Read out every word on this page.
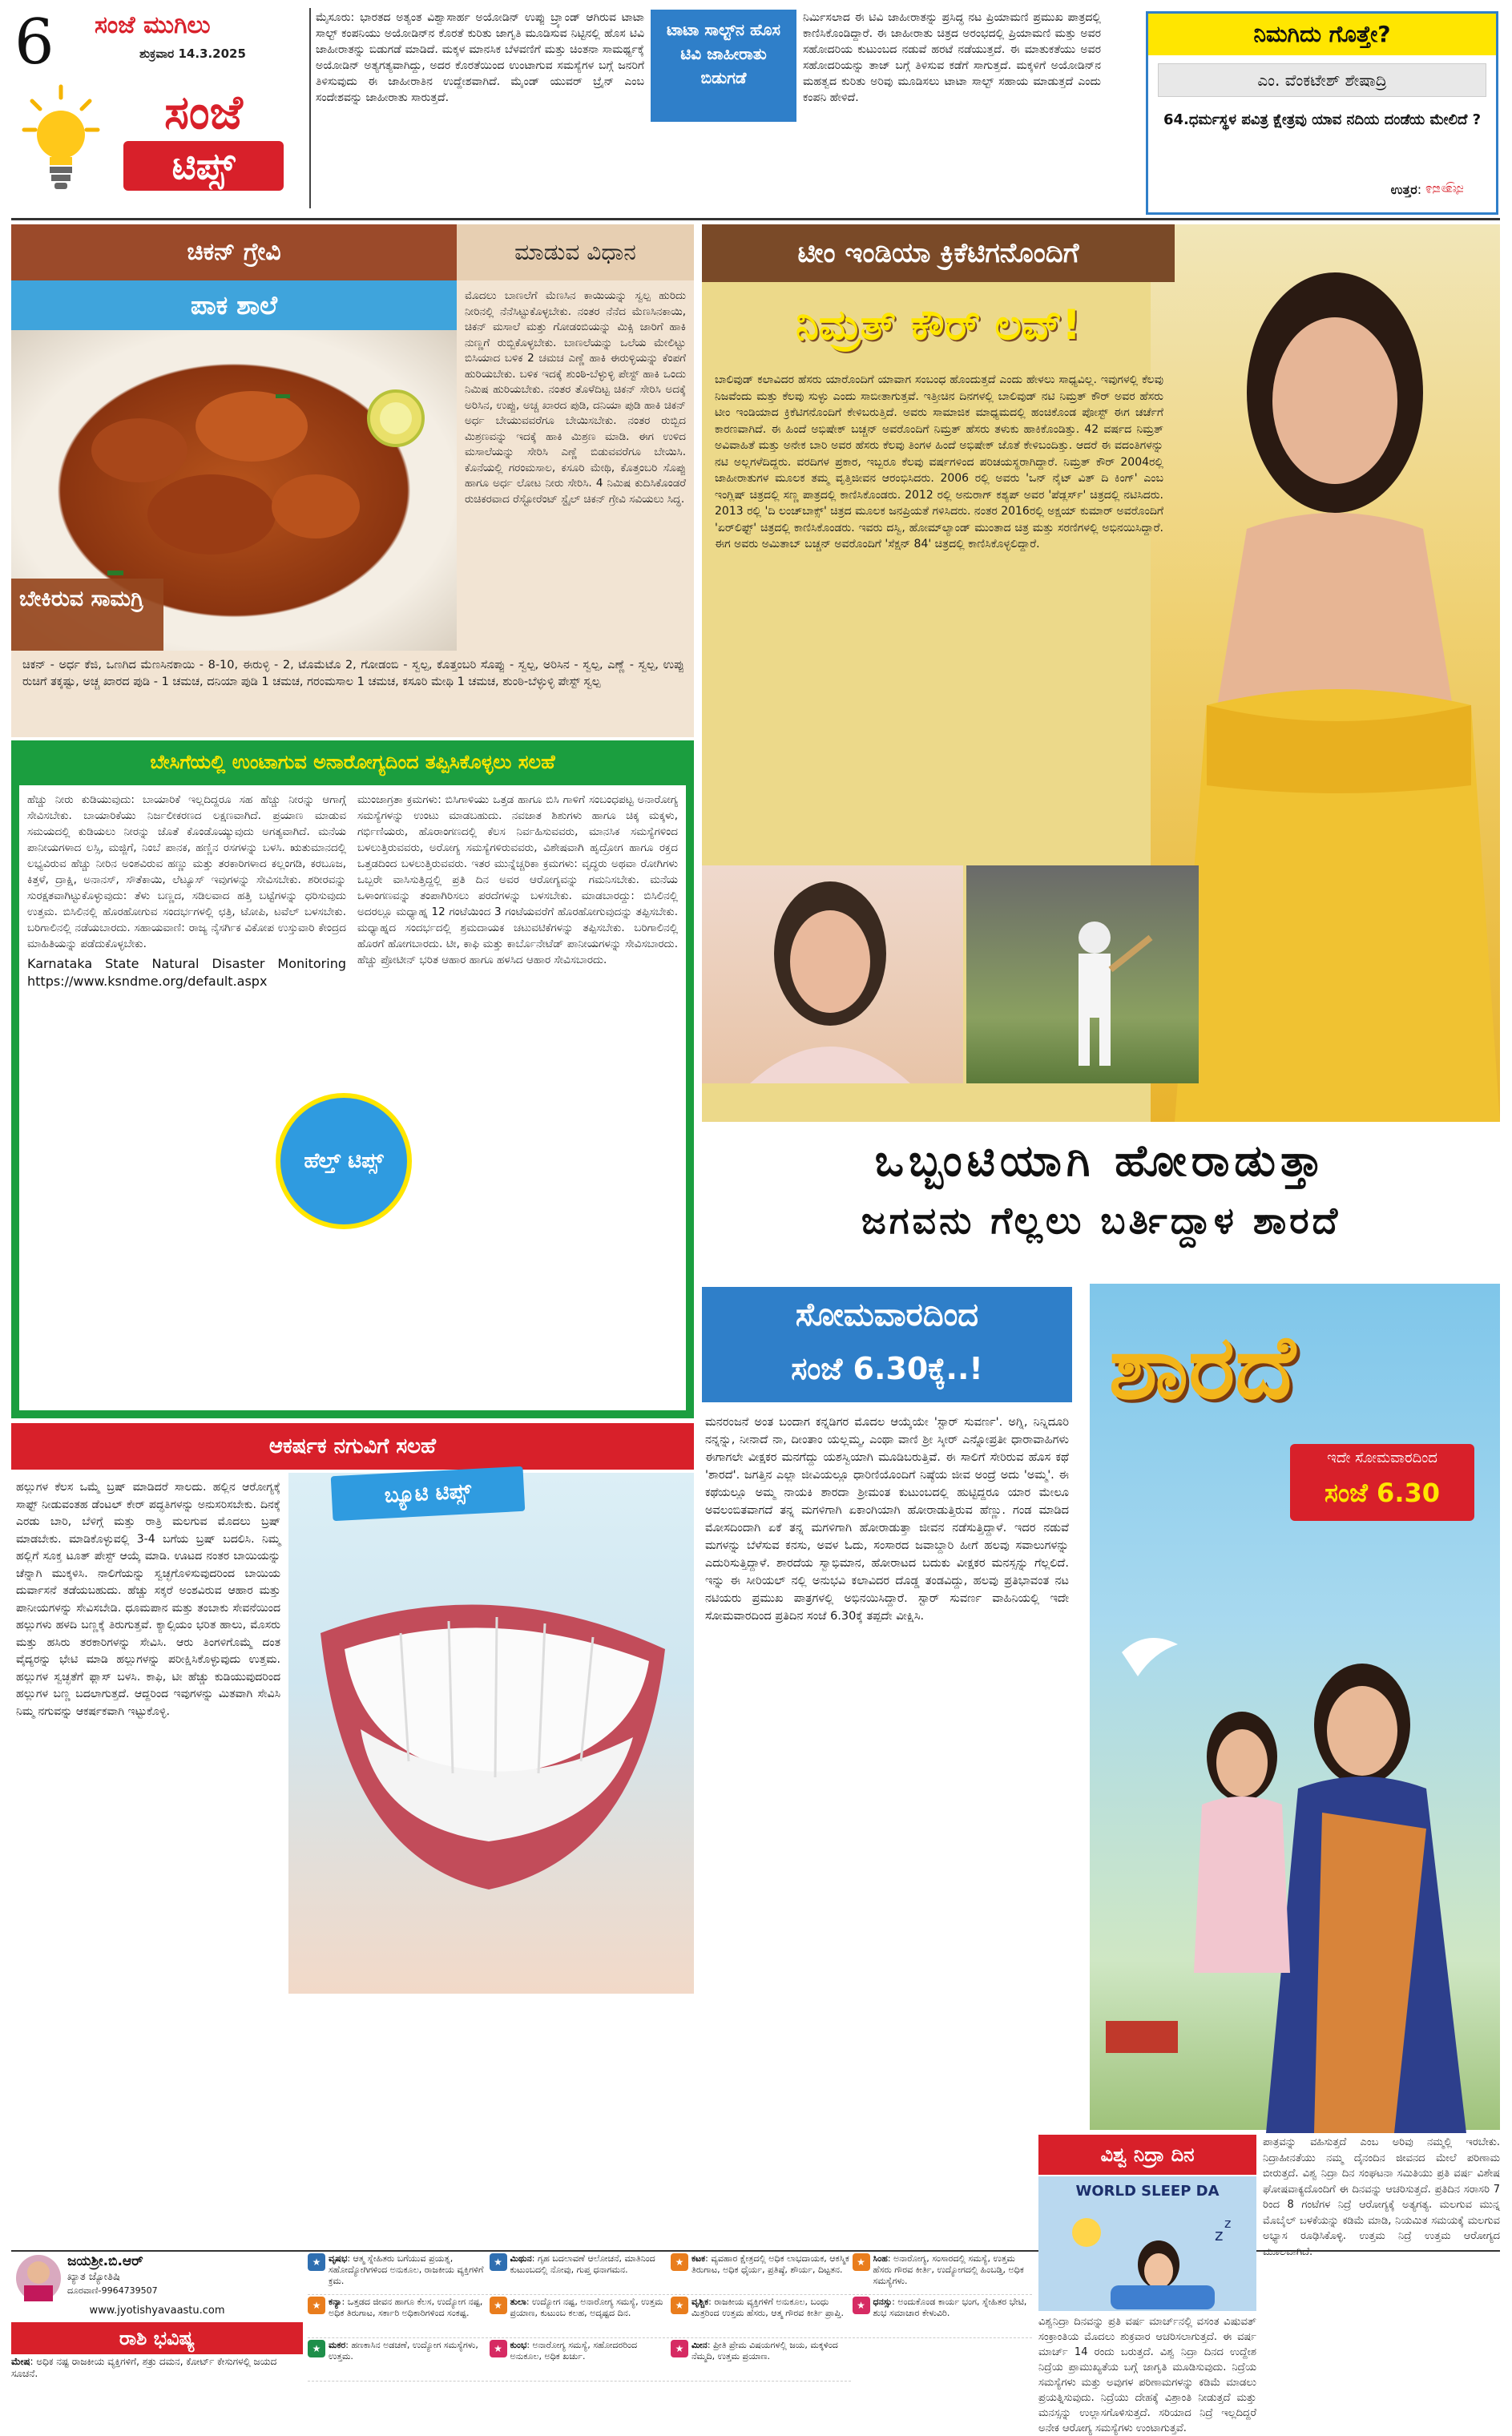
6 ಸಂಜೆ ಮುಗಿಲು
ಶುಕ್ರವಾರ 14.3.2025
ಸಂಜೆ
ಟಿಪ್ಸ್
ಮೈಸೂರು: ಭಾರತದ ಅತ್ಯಂತ ವಿಶ್ವಾಸಾರ್ಹ ಅಯೋಡಿನ್ ಉಪ್ಪು ಬ್ರ್ಯಾಂಡ್ ಆಗಿರುವ ಟಾಟಾ ಸಾಲ್ಟ್ ಕಂಪನಿಯು ಅಯೋಡಿನ್‌ನ ಕೊರತೆ ಕುರಿತು ಜಾಗೃತಿ ಮೂಡಿಸುವ ನಿಟ್ಟಿನಲ್ಲಿ ಹೊಸ ಟಿವಿ ಜಾಹೀರಾತನ್ನು ಬಿಡುಗಡೆ ಮಾಡಿದೆ. ಮಕ್ಕಳ ಮಾನಸಿಕ ಬೆಳವಣಿಗೆ ಮತ್ತು ಚಿಂತನಾ ಸಾಮರ್ಥ್ಯಕ್ಕೆ ಅಯೋಡಿನ್ ಅತ್ಯಗತ್ಯವಾಗಿದ್ದು, ಅದರ ಕೊರತೆಯಿಂದ ಉಂಟಾಗುವ ಸಮಸ್ಯೆಗಳ ಬಗ್ಗೆ ಜನರಿಗೆ ತಿಳಿಸುವುದು ಈ ಜಾಹೀರಾತಿನ ಉದ್ದೇಶವಾಗಿದೆ. ಮೈಂಡ್ ಯುವರ್ ಬ್ರೈನ್ ಎಂಬ ಸಂದೇಶವನ್ನು ಜಾಹೀರಾತು ಸಾರುತ್ತದೆ.
ಟಾಟಾ ಸಾಲ್ಟ್‌ನ ಹೊಸ ಟಿವಿ ಜಾಹೀರಾತು ಬಿಡುಗಡೆ
ನಿರ್ಮಿಸಲಾದ ಈ ಟಿವಿ ಜಾಹೀರಾತನ್ನು ಪ್ರಸಿದ್ಧ ನಟ ಪ್ರಿಯಾಮಣಿ ಪ್ರಮುಖ ಪಾತ್ರದಲ್ಲಿ ಕಾಣಿಸಿಕೊಂಡಿದ್ದಾರೆ. ಈ ಜಾಹೀರಾತು ಚಿತ್ರದ ಅರಂಭದಲ್ಲಿ ಪ್ರಿಯಾಮಣಿ ಮತ್ತು ಅವರ ಸಹೋದರಿಯ ಕುಟುಂಬದ ನಡುವೆ ಹರಟೆ ನಡೆಯುತ್ತದೆ. ಈ ಮಾತುಕತೆಯು ಅವರ ಸಹೋದರಿಯನ್ನು ತಾಜ್ ಬಗ್ಗೆ ತಿಳಿಸುವ ಕಡೆಗೆ ಸಾಗುತ್ತದೆ. ಮಕ್ಕಳಿಗೆ ಅಯೋಡಿನ್‌ನ ಮಹತ್ವದ ಕುರಿತು ಅರಿವು ಮೂಡಿಸಲು ಟಾಟಾ ಸಾಲ್ಟ್ ಸಹಾಯ ಮಾಡುತ್ತದೆ ಎಂದು ಕಂಪನಿ ಹೇಳಿದೆ.
ನಿಮಗಿದು ಗೊತ್ತೇ?
ಎಂ. ವೆಂಕಟೇಶ್ ಶೇಷಾದ್ರಿ
64.ಧರ್ಮಸ್ಥಳ ಪವಿತ್ರ ಕ್ಷೇತ್ರವು ಯಾವ ನದಿಯ ದಂಡೆಯ ಮೇಲಿದೆ ?
ಉತ್ತರ: ನೇತ್ರಾವತಿ
ಚಿಕನ್ ಗ್ರೇವಿ	ಮಾಡುವ ವಿಧಾನ
ಪಾಕ ಶಾಲೆ
ಬೇಕಿರುವ ಸಾಮಗ್ರಿ
ಮೊದಲು ಬಾಣಲೆಗೆ ಮೆಣಸಿನ ಕಾಯಿಯನ್ನು ಸ್ವಲ್ಪ ಹುರಿದು ನೀರಿನಲ್ಲಿ ನೆನೆಸಿಟ್ಟುಕೊಳ್ಳಬೇಕು. ನಂತರ ನೆನೆದ ಮೆಣಸಿನಕಾಯಿ, ಚಿಕನ್ ಮಸಾಲೆ ಮತ್ತು ಗೋಡಂಬಿಯನ್ನು ಮಿಕ್ಸಿ ಜಾರಿಗೆ ಹಾಕಿ ನುಣ್ಣಗೆ ರುಬ್ಬಿಕೊಳ್ಳಬೇಕು. ಬಾಣಲೆಯನ್ನು ಒಲೆಯ ಮೇಲಿಟ್ಟು ಬಿಸಿಯಾದ ಬಳಿಕ 2 ಚಮಚ ಎಣ್ಣೆ ಹಾಕಿ ಈರುಳ್ಳಿಯನ್ನು ಕೆಂಪಗೆ ಹುರಿಯಬೇಕು. ಬಳಿಕ ಇದಕ್ಕೆ ಶುಂಠಿ-ಬೆಳ್ಳುಳ್ಳಿ ಪೇಸ್ಟ್ ಹಾಕಿ ಒಂದು ನಿಮಿಷ ಹುರಿಯಬೇಕು. ನಂತರ ತೊಳೆದಿಟ್ಟ ಚಿಕನ್ ಸೇರಿಸಿ ಅದಕ್ಕೆ ಅರಿಸಿನ, ಉಪ್ಪು, ಅಚ್ಚ ಖಾರದ ಪುಡಿ, ದನಿಯಾ ಪುಡಿ ಹಾಕಿ ಚಿಕನ್ ಅರ್ಧ ಬೇಯುವವರೆಗೂ ಬೇಯಿಸಬೇಕು. ನಂತರ ರುಬ್ಬಿದ ಮಿಶ್ರಣವನ್ನು ಇದಕ್ಕೆ ಹಾಕಿ ಮಿಶ್ರಣ ಮಾಡಿ. ಈಗ ಉಳಿದ ಮಸಾಲೆಯನ್ನು ಸೇರಿಸಿ ಎಣ್ಣೆ ಬಿಡುವವರೆಗೂ ಬೇಯಿಸಿ. ಕೊನೆಯಲ್ಲಿ ಗರಂಮಸಾಲ, ಕಸೂರಿ ಮೇಥಿ, ಕೊತ್ತಂಬರಿ ಸೊಪ್ಪು ಹಾಗೂ ಅರ್ಧ ಲೋಟ ನೀರು ಸೇರಿಸಿ. 4 ನಿಮಿಷ ಕುದಿಸಿಕೊಂಡರೆ ರುಚಿಕರವಾದ ರೆಸ್ಟೋರೆಂಟ್ ಸ್ಟೈಲ್ ಚಿಕನ್ ಗ್ರೇವಿ ಸವಿಯಲು ಸಿದ್ಧ.
ಚಿಕನ್ - ಅರ್ಧ ಕೆಜಿ, ಒಣಗಿದ ಮೆಣಸಿನಕಾಯಿ - 8-10, ಈರುಳ್ಳಿ - 2, ಟೊಮೆಟೊ 2, ಗೋಡಂಬಿ - ಸ್ವಲ್ಪ, ಕೊತ್ತಂಬರಿ ಸೊಪ್ಪು - ಸ್ವಲ್ಪ, ಅರಿಸಿನ - ಸ್ವಲ್ಪ, ಎಣ್ಣೆ - ಸ್ವಲ್ಪ, ಉಪ್ಪು ರುಚಿಗೆ ತಕ್ಕಷ್ಟು, ಅಚ್ಚ ಖಾರದ ಪುಡಿ - 1 ಚಮಚ, ದನಿಯಾ ಪುಡಿ 1 ಚಮಚ, ಗರಂಮಸಾಲ 1 ಚಮಚ, ಕಸೂರಿ ಮೇಥಿ 1 ಚಮಚ, ಶುಂಠಿ-ಬೆಳ್ಳುಳ್ಳಿ ಪೇಸ್ಟ್ ಸ್ವಲ್ಪ
ಬೇಸಿಗೆಯಲ್ಲಿ ಉಂಟಾಗುವ ಅನಾರೋಗ್ಯದಿಂದ ತಪ್ಪಿಸಿಕೊಳ್ಳಲು ಸಲಹೆ
ಹೆಚ್ಚು ನೀರು ಕುಡಿಯುವುದು: ಬಾಯಾರಿಕೆ ಇಲ್ಲದಿದ್ದರೂ ಸಹ ಹೆಚ್ಚು ನೀರನ್ನು ಆಗಾಗ್ಗೆ ಸೇವಿಸಬೇಕು. ಬಾಯಾರಿಕೆಯು ನಿರ್ಜಲೀಕರಣದ ಲಕ್ಷಣವಾಗಿದೆ. ಪ್ರಯಾಣ ಮಾಡುವ ಸಮಯದಲ್ಲಿ ಕುಡಿಯಲು ನೀರನ್ನು ಜೊತೆ ಕೊಂಡೊಯ್ಯುವುದು ಅಗತ್ಯವಾಗಿದೆ. ಮನೆಯ ಪಾನೀಯಗಳಾದ ಲಸ್ಸಿ, ಮಜ್ಜಿಗೆ, ನಿಂಬೆ ಪಾನಕ, ಹಣ್ಣಿನ ರಸಗಳನ್ನು ಬಳಸಿ. ಋತುಮಾನದಲ್ಲಿ ಲಭ್ಯವಿರುವ ಹೆಚ್ಚು ನೀರಿನ ಅಂಶವಿರುವ ಹಣ್ಣು ಮತ್ತು ತರಕಾರಿಗಳಾದ ಕಲ್ಲಂಗಡಿ, ಕರಬೂಜ, ಕಿತ್ತಳೆ, ದ್ರಾಕ್ಷಿ, ಅನಾನಸ್, ಸೌತೆಕಾಯಿ, ಲೆಟ್ಯೂಸ್ ಇವುಗಳನ್ನು ಸೇವಿಸಬೇಕು. ಶರೀರವನ್ನು ಸುರಕ್ಷತವಾಗಿಟ್ಟುಕೊಳ್ಳುವುದು: ತೆಳು ಬಣ್ಣದ, ಸಡಿಲವಾದ ಹತ್ತಿ ಬಟ್ಟೆಗಳನ್ನು ಧರಿಸುವುದು ಉತ್ತಮ. ಬಿಸಿಲಿನಲ್ಲಿ ಹೊರಹೋಗುವ ಸಂದರ್ಭಗಳಲ್ಲಿ ಛತ್ರಿ, ಟೋಪಿ, ಟವೆಲ್ ಬಳಸಬೇಕು. ಬರಿಗಾಲಿನಲ್ಲಿ ನಡೆಯಬಾರದು. ಸಹಾಯವಾಣಿ: ರಾಜ್ಯ ನೈಸರ್ಗಿಕ ವಿಕೋಪ ಉಸ್ತುವಾರಿ ಕೇಂದ್ರದ ಮಾಹಿತಿಯನ್ನು ಪಡೆದುಕೊಳ್ಳಬೇಕು.
Karnataka State Natural Disaster Monitoring https://www.ksndme.org/default.aspx
ಮುಂಜಾಗ್ರತಾ ಕ್ರಮಗಳು: ಬಿಸಿಗಾಳಿಯು ಒತ್ತಡ ಹಾಗೂ ಬಿಸಿ ಗಾಳಿಗೆ ಸಂಬಂಧಪಟ್ಟ ಅನಾರೋಗ್ಯ ಸಮಸ್ಯೆಗಳನ್ನು ಉಂಟು ಮಾಡಬಹುದು. ನವಜಾತ ಶಿಶುಗಳು ಹಾಗೂ ಚಿಕ್ಕ ಮಕ್ಕಳು, ಗರ್ಭಿಣಿಯರು, ಹೊರಾಂಗಣದಲ್ಲಿ ಕೆಲಸ ನಿರ್ವಹಿಸುವವರು, ಮಾನಸಿಕ ಸಮಸ್ಯೆಗಳಿಂದ ಬಳಲುತ್ತಿರುವವರು, ಅರೋಗ್ಯ ಸಮಸ್ಯೆಗಳಿರುವವರು, ವಿಶೇಷವಾಗಿ ಹೃದ್ರೋಗ ಹಾಗೂ ರಕ್ತದ ಒತ್ತಡದಿಂದ ಬಳಲುತ್ತಿರುವವರು. ಇತರ ಮುನ್ನೆಚ್ಚರಿಕಾ ಕ್ರಮಗಳು: ವೃದ್ಧರು ಅಥವಾ ರೋಗಿಗಳು ಒಬ್ಬರೇ ವಾಸಿಸುತ್ತಿದ್ದಲ್ಲಿ ಪ್ರತಿ ದಿನ ಅವರ ಆರೋಗ್ಯವನ್ನು ಗಮನಿಸಬೇಕು. ಮನೆಯ ಒಳಾಂಗಣವನ್ನು ತಂಪಾಗಿರಿಸಲು ಪರದೆಗಳನ್ನು ಬಳಸಬೇಕು. ಮಾಡಬಾರದ್ದು: ಬಿಸಿಲಿನಲ್ಲಿ ಅದರಲ್ಲೂ ಮಧ್ಯಾಹ್ನ 12 ಗಂಟೆಯಿಂದ 3 ಗಂಟೆಯವರೆಗೆ ಹೊರಹೋಗುವುದನ್ನು ತಪ್ಪಿಸಬೇಕು. ಮಧ್ಯಾಹ್ನದ ಸಂದರ್ಭದಲ್ಲಿ ಶ್ರಮದಾಯಕ ಚಟುವಟಿಕೆಗಳನ್ನು ತಪ್ಪಿಸಬೇಕು. ಬರಿಗಾಲಿನಲ್ಲಿ ಹೊರಗೆ ಹೋಗಬಾರದು. ಟೀ, ಕಾಫಿ ಮತ್ತು ಕಾರ್ಬೊನೇಟೆಡ್ ಪಾನೀಯಗಳನ್ನು ಸೇವಿಸಬಾರದು. ಹೆಚ್ಚು ಪ್ರೋಟೀನ್ ಭರಿತ ಆಹಾರ ಹಾಗೂ ಹಳಸಿದ ಆಹಾರ ಸೇವಿಸಬಾರದು.
ಹೆಲ್ತ್ ಟಿಪ್ಸ್
ಆಕರ್ಷಕ ನಗುವಿಗೆ ಸಲಹೆ
ಹಲ್ಲುಗಳ ಕೆಲಸ ಒಮ್ಮೆ ಬ್ರಷ್ ಮಾಡಿದರೆ ಸಾಲದು. ಹಲ್ಲಿನ ಆರೋಗ್ಯಕ್ಕೆ ಸಾಫ್ಟ್ ನೀಡುವಂತಹ ಡೆಂಟಲ್ ಕೇರ್ ಪದ್ಧತಿಗಳನ್ನು ಅನುಸರಿಸಬೇಕು. ದಿನಕ್ಕೆ ಎರಡು ಬಾರಿ, ಬೆಳಿಗ್ಗೆ ಮತ್ತು ರಾತ್ರಿ ಮಲಗುವ ಮೊದಲು ಬ್ರಷ್ ಮಾಡಬೇಕು. ಮಾಡಿಕೊಳ್ಳುವಲ್ಲಿ 3-4 ಬಗೆಯ ಬ್ರಷ್ ಬದಲಿಸಿ. ನಿಮ್ಮ ಹಲ್ಲಿಗೆ ಸೂಕ್ತ ಟೂತ್ ಪೇಸ್ಟ್ ಆಯ್ಕೆ ಮಾಡಿ. ಊಟದ ನಂತರ ಬಾಯಿಯನ್ನು ಚೆನ್ನಾಗಿ ಮುಕ್ಕಳಿಸಿ. ನಾಲಿಗೆಯನ್ನು ಸ್ವಚ್ಛಗೊಳಿಸುವುದರಿಂದ ಬಾಯಿಯ ದುರ್ವಾಸನೆ ತಡೆಯಬಹುದು. ಹೆಚ್ಚು ಸಕ್ಕರೆ ಅಂಶವಿರುವ ಆಹಾರ ಮತ್ತು ಪಾನೀಯಗಳನ್ನು ಸೇವಿಸಬೇಡಿ. ಧೂಮಪಾನ ಮತ್ತು ತಂಬಾಕು ಸೇವನೆಯಿಂದ ಹಲ್ಲುಗಳು ಹಳದಿ ಬಣ್ಣಕ್ಕೆ ತಿರುಗುತ್ತವೆ. ಕ್ಯಾಲ್ಸಿಯಂ ಭರಿತ ಹಾಲು, ಮೊಸರು ಮತ್ತು ಹಸಿರು ತರಕಾರಿಗಳನ್ನು ಸೇವಿಸಿ. ಆರು ತಿಂಗಳಿಗೊಮ್ಮೆ ದಂತ ವೈದ್ಯರನ್ನು ಭೇಟಿ ಮಾಡಿ ಹಲ್ಲುಗಳನ್ನು ಪರೀಕ್ಷಿಸಿಕೊಳ್ಳುವುದು ಉತ್ತಮ. ಹಲ್ಲುಗಳ ಸ್ವಚ್ಛತೆಗೆ ಫ್ಲಾಸ್ ಬಳಸಿ. ಕಾಫಿ, ಟೀ ಹೆಚ್ಚು ಕುಡಿಯುವುದರಿಂದ ಹಲ್ಲುಗಳ ಬಣ್ಣ ಬದಲಾಗುತ್ತದೆ. ಆದ್ದರಿಂದ ಇವುಗಳನ್ನು ಮಿತವಾಗಿ ಸೇವಿಸಿ ನಿಮ್ಮ ನಗುವನ್ನು ಆಕರ್ಷಕವಾಗಿ ಇಟ್ಟುಕೊಳ್ಳಿ.
ಬ್ಯೂಟಿ ಟಿಪ್ಸ್
ಟೀಂ ಇಂಡಿಯಾ ಕ್ರಿಕೆಟಿಗನೊಂದಿಗೆ
ನಿಮ್ರತ್ ಕೌರ್ ಲವ್!
ಬಾಲಿವುಡ್ ಕಲಾವಿದರ ಹೆಸರು ಯಾರೊಂದಿಗೆ ಯಾವಾಗ ಸಂಬಂಧ ಹೊಂದುತ್ತದೆ ಎಂದು ಹೇಳಲು ಸಾಧ್ಯವಿಲ್ಲ. ಇವುಗಳಲ್ಲಿ ಕೆಲವು ನಿಜವೆಂದು ಮತ್ತು ಕೆಲವು ಸುಳ್ಳು ಎಂದು ಸಾಬೀತಾಗುತ್ತವೆ. ಇತ್ತೀಚಿನ ದಿನಗಳಲ್ಲಿ ಬಾಲಿವುಡ್ ನಟಿ ನಿಮ್ರತ್ ಕೌರ್ ಅವರ ಹೆಸರು ಟೀಂ ಇಂಡಿಯಾದ ಕ್ರಿಕೆಟಿಗನೊಂದಿಗೆ ಕೇಳಿಬರುತ್ತಿದೆ. ಅವರು ಸಾಮಾಜಿಕ ಮಾಧ್ಯಮದಲ್ಲಿ ಹಂಚಿಕೊಂಡ ಪೋಸ್ಟ್ ಈಗ ಚರ್ಚೆಗೆ ಕಾರಣವಾಗಿದೆ. ಈ ಹಿಂದೆ ಅಭಿಷೇಕ್ ಬಚ್ಚನ್ ಅವರೊಂದಿಗೆ ನಿಮ್ರತ್ ಹೆಸರು ತಳುಕು ಹಾಕಿಕೊಂಡಿತ್ತು. 42 ವರ್ಷದ ನಿಮ್ರತ್ ಅವಿವಾಹಿತೆ ಮತ್ತು ಅನೇಕ ಬಾರಿ ಅವರ ಹೆಸರು ಕೆಲವು ತಿಂಗಳ ಹಿಂದೆ ಅಭಿಷೇಕ್ ಜೊತೆ ಕೇಳಿಬಂದಿತ್ತು. ಆದರೆ ಈ ವದಂತಿಗಳನ್ನು ನಟಿ ಅಲ್ಲಗಳೆದಿದ್ದರು. ವರದಿಗಳ ಪ್ರಕಾರ, ಇಬ್ಬರೂ ಕೆಲವು ವರ್ಷಗಳಿಂದ ಪರಿಚಯಸ್ಥರಾಗಿದ್ದಾರೆ. ನಿಮ್ರತ್ ಕೌರ್ 2004ರಲ್ಲಿ ಜಾಹೀರಾತುಗಳ ಮೂಲಕ ತಮ್ಮ ವೃತ್ತಿಜೀವನ ಆರಂಭಿಸಿದರು. 2006 ರಲ್ಲಿ ಅವರು 'ಒನ್ ನೈಟ್ ವಿತ್ ದಿ ಕಿಂಗ್' ಎಂಬ ಇಂಗ್ಲಿಷ್ ಚಿತ್ರದಲ್ಲಿ ಸಣ್ಣ ಪಾತ್ರದಲ್ಲಿ ಕಾಣಿಸಿಕೊಂಡರು. 2012 ರಲ್ಲಿ ಅನುರಾಗ್ ಕಶ್ಯಪ್ ಅವರ 'ಪೆಡ್ಲರ್ಸ್' ಚಿತ್ರದಲ್ಲಿ ನಟಿಸಿದರು. 2013 ರಲ್ಲಿ 'ದಿ ಲಂಚ್‌ಬಾಕ್ಸ್' ಚಿತ್ರದ ಮೂಲಕ ಜನಪ್ರಿಯತೆ ಗಳಿಸಿದರು. ನಂತರ 2016ರಲ್ಲಿ ಅಕ್ಷಯ್ ಕುಮಾರ್ ಅವರೊಂದಿಗೆ 'ಏರ್‌ಲಿಫ್ಟ್' ಚಿತ್ರದಲ್ಲಿ ಕಾಣಿಸಿಕೊಂಡರು. ಇವರು ದಸ್ವಿ, ಹೋಮ್‌ಲ್ಯಾಂಡ್ ಮುಂತಾದ ಚಿತ್ರ ಮತ್ತು ಸರಣಿಗಳಲ್ಲಿ ಅಭಿನಯಿಸಿದ್ದಾರೆ. ಈಗ ಅವರು ಅಮಿತಾಬ್ ಬಚ್ಚನ್ ಅವರೊಂದಿಗೆ 'ಸೆಕ್ಷನ್ 84' ಚಿತ್ರದಲ್ಲಿ ಕಾಣಿಸಿಕೊಳ್ಳಲಿದ್ದಾರೆ.
ಒಬ್ಬಂಟಿಯಾಗಿ ಹೋರಾಡುತ್ತಾ
ಜಗವನು ಗೆಲ್ಲಲು ಬರ್ತಿದ್ದಾಳ ಶಾರದೆ
ಸೋಮವಾರದಿಂದ
ಸಂಜೆ 6.30ಕ್ಕೆ..!
ಮನರಂಜನೆ ಅಂತ ಬಂದಾಗ ಕನ್ನಡಿಗರ ಮೊದಲ ಆಯ್ಕೆಯೇ 'ಸ್ಟಾರ್ ಸುವರ್ಣ'. ಅಗ್ನಿ, ನಿನ್ನಿದೂರಿ ನನ್ನನ್ನು, ನೀನಾದೆ ನಾ, ದೀಂತಾಂ ಯಲ್ಲಮ್ಮ, ಎಂಥಾ ವಾಣಿ ಶ್ರೀ ಸ್ಕೀರ್ ಎನ್ನೋಪ್ರತೀ ಧಾರಾವಾಹಿಗಳು ಈಗಾಗಲೇ ವೀಕ್ಷಕರ ಮನಗೆದ್ದು ಯಶಸ್ವಿಯಾಗಿ ಮೂಡಿಬರುತ್ತಿವೆ. ಈ ಸಾಲಿಗೆ ಸೇರಿರುವ ಹೊಸ ಕಥೆ 'ಶಾರದೆ'. ಜಗತ್ತಿನ ಎಲ್ಲಾ ಜೀವಿಯಲ್ಲೂ ಧಾರಿಣಿಯೊಂದಿಗೆ ನಿಷ್ಠೆಯ ಜೀವ ಅಂದ್ರೆ ಅದು 'ಅಮ್ಮ'. ಈ ಕಥೆಯಲ್ಲೂ ಅಮ್ಮ ನಾಯಕಿ ಶಾರದಾ ಶ್ರೀಮಂತ ಕುಟುಂಬದಲ್ಲಿ ಹುಟ್ಟಿದ್ದರೂ ಯಾರ ಮೇಲೂ ಅವಲಂಬಿತವಾಗದೆ ತನ್ನ ಮಗಳಿಗಾಗಿ ಏಕಾಂಗಿಯಾಗಿ ಹೋರಾಡುತ್ತಿರುವ ಹೆಣ್ಣು. ಗಂಡ ಮಾಡಿದ ಮೋಸದಿಂದಾಗಿ ಏಕೆ ತನ್ನ ಮಗಳಿಗಾಗಿ ಹೋರಾಡುತ್ತಾ ಜೀವನ ನಡೆಸುತ್ತಿದ್ದಾಳೆ. ಇದರ ನಡುವೆ ಮಗಳನ್ನು ಬೆಳೆಸುವ ಕನಸು, ಅವಳ ಓದು, ಸಂಸಾರದ ಜವಾಬ್ದಾರಿ ಹೀಗೆ ಹಲವು ಸವಾಲುಗಳನ್ನು ಎದುರಿಸುತ್ತಿದ್ದಾಳೆ. ಶಾರದೆಯ ಸ್ವಾಭಿಮಾನ, ಹೋರಾಟದ ಬದುಕು ವೀಕ್ಷಕರ ಮನಸ್ಸನ್ನು ಗೆಲ್ಲಲಿದೆ. ಇನ್ನು ಈ ಸೀರಿಯಲ್ ನಲ್ಲಿ ಅನುಭವಿ ಕಲಾವಿದರ ದೊಡ್ಡ ತಂಡವಿದ್ದು, ಹಲವು ಪ್ರತಿಭಾವಂತ ನಟ ನಟಿಯರು ಪ್ರಮುಖ ಪಾತ್ರಗಳಲ್ಲಿ ಅಭಿನಯಿಸಿದ್ದಾರೆ. ಸ್ಟಾರ್ ಸುವರ್ಣ ವಾಹಿನಿಯಲ್ಲಿ ಇದೇ ಸೋಮವಾರದಿಂದ ಪ್ರತಿದಿನ ಸಂಜೆ 6.30ಕ್ಕೆ ತಪ್ಪದೇ ವೀಕ್ಷಿಸಿ.
ಶಾರದೆ
ಇದೇ ಸೋಮವಾರದಿಂದ
ಸಂಜೆ 6.30
ವಿಶ್ವ ನಿದ್ರಾ ದಿನ
WORLD SLEEP DA
z
z
ವಿಶ್ವನಿದ್ರಾ ದಿನವನ್ನು ಪ್ರತಿ ವರ್ಷ ಮಾರ್ಚ್‌ನಲ್ಲಿ ವಸಂತ ವಿಷುವತ್ ಸಂಕ್ರಾಂತಿಯ ಮೊದಲು ಶುಕ್ರವಾರ ಆಚರಿಸಲಾಗುತ್ತದೆ. ಈ ವರ್ಷ ಮಾರ್ಚ್ 14 ರಂದು ಬರುತ್ತದೆ. ವಿಶ್ವ ನಿದ್ರಾ ದಿನದ ಉದ್ದೇಶ ನಿದ್ರೆಯ ಪ್ರಾಮುಖ್ಯತೆಯ ಬಗ್ಗೆ ಜಾಗೃತಿ ಮೂಡಿಸುವುದು. ನಿದ್ರೆಯ ಸಮಸ್ಯೆಗಳು ಮತ್ತು ಅವುಗಳ ಪರಿಣಾಮಗಳನ್ನು ಕಡಿಮೆ ಮಾಡಲು ಪ್ರಯತ್ನಿಸುವುದು. ನಿದ್ರೆಯು ದೇಹಕ್ಕೆ ವಿಶ್ರಾಂತಿ ನೀಡುತ್ತದೆ ಮತ್ತು ಮನಸ್ಸನ್ನು ಉಲ್ಲಾಸಗೊಳಿಸುತ್ತದೆ. ಸರಿಯಾದ ನಿದ್ರೆ ಇಲ್ಲದಿದ್ದರೆ ಅನೇಕ ಆರೋಗ್ಯ ಸಮಸ್ಯೆಗಳು ಉಂಟಾಗುತ್ತವೆ.
ಪಾತ್ರವನ್ನು ವಹಿಸುತ್ತದೆ ಎಂಬ ಅರಿವು ನಮ್ಮಲ್ಲಿ ಇರಬೇಕು. ನಿದ್ರಾಹೀನತೆಯು ನಮ್ಮ ದೈನಂದಿನ ಜೀವನದ ಮೇಲೆ ಪರಿಣಾಮ ಬೀರುತ್ತದೆ. ವಿಶ್ವ ನಿದ್ರಾ ದಿನ ಸಂಘಟನಾ ಸಮಿತಿಯು ಪ್ರತಿ ವರ್ಷ ವಿಶೇಷ ಘೋಷವಾಕ್ಯದೊಂದಿಗೆ ಈ ದಿನವನ್ನು ಆಚರಿಸುತ್ತದೆ. ಪ್ರತಿದಿನ ಸರಾಸರಿ 7 ರಿಂದ 8 ಗಂಟೆಗಳ ನಿದ್ರೆ ಆರೋಗ್ಯಕ್ಕೆ ಅತ್ಯಗತ್ಯ. ಮಲಗುವ ಮುನ್ನ ಮೊಬೈಲ್ ಬಳಕೆಯನ್ನು ಕಡಿಮೆ ಮಾಡಿ, ನಿಯಮಿತ ಸಮಯಕ್ಕೆ ಮಲಗುವ ಅಭ್ಯಾಸ ರೂಢಿಸಿಕೊಳ್ಳಿ. ಉತ್ತಮ ನಿದ್ರೆ ಉತ್ತಮ ಆರೋಗ್ಯದ ಮೂಲವಾಗಿದೆ.
ಜಯಶ್ರೀ.ಬಿ.ಆರ್
ಖ್ಯಾತ ಜ್ಯೋತಿಷಿ
ದೂರವಾಣಿ-9964739507
www.jyotishyavaastu.com
ರಾಶಿ ಭವಿಷ್ಯ
★ ವೃಷಭ: ಆತ್ಮ ಸ್ನೇಹಿತರು ಬಗೆಯುವ ಪ್ರಯತ್ನ, ಸಹೋದ್ಯೋಗಿಗಳಿಂದ ಅನುಕೂಲ, ರಾಜಕೀಯ ವ್ಯಕ್ತಿಗಳಿಗೆ ಕ್ರಮ.
★ ಮಿಥುನ: ಗೃಹ ಬದಲಾವಣೆ ಆಲೋಚನೆ, ಮಾತಿನಿಂದ ಕುಟುಂಬದಲ್ಲಿ ನೋವು, ಗುಪ್ತ ಧನಾಗಮನ.
★ ಕಟಕ: ವ್ಯವಹಾರ ಕ್ಷೇತ್ರದಲ್ಲಿ ಅಧಿಕ ಲಾಭದಾಯಕ, ಆಕಸ್ಮಿಕ ತಿರುಗಾಟ, ಅಧಿಕ ಧೈರ್ಯ, ಪ್ರತಿಷ್ಠೆ, ಶೌರ್ಯ, ದಿಟ್ಟತನ.
★ ಸಿಂಹ: ಅನಾರೋಗ್ಯ, ಸಂಸಾರದಲ್ಲಿ ಸಮಸ್ಯೆ, ಉತ್ತಮ ಹೆಸರು ಗೌರವ ಕೀರ್ತಿ, ಉದ್ಯೋಗದಲ್ಲಿ ಹಿಂಬಡ್ತಿ, ಅಧಿಕ ಸಮಸ್ಯೆಗಳು.
★ ಕನ್ಯಾ: ಒತ್ತಡದ ಜೀವನ ಹಾಗೂ ಕೆಲಸ, ಉದ್ಯೋಗ ನಷ್ಟ, ಅಧಿಕ ತಿರುಗಾಟ, ಸರ್ಕಾರಿ ಅಧಿಕಾರಿಗಳಿಂದ ಸಂಕಷ್ಟ.
★ ತುಲಾ: ಉದ್ಯೋಗ ನಷ್ಟ, ಅನಾರೋಗ್ಯ ಸಮಸ್ಯೆ, ಉತ್ತಮ ಪ್ರಯಾಣ, ಕುಟುಂಬ ಕಲಹ, ಅದೃಷ್ಟದ ದಿನ.
★ ವೃಶ್ಚಿಕ: ರಾಜಕೀಯ ವ್ಯಕ್ತಿಗಳಿಗೆ ಅನುಕೂಲ, ಬಂಧು ಮಿತ್ರರಿಂದ ಉತ್ತಮ ಹೆಸರು, ಆತ್ಮ ಗೌರವ ಕೀರ್ತಿ ಪ್ರಾಪ್ತಿ.
★ ಧನಸ್ಸು: ಅಂದುಕೊಂಡ ಕಾರ್ಯ ಭಂಗ, ಸ್ನೇಹಿತರ ಭೇಟಿ, ಶುಭ ಸಮಾಚಾರ ಕೇಳುವಿರಿ.
★ ಮಕರ: ಹಣಕಾಸಿನ ಅಡಚಣೆ, ಉದ್ಯೋಗ ಸಮಸ್ಯೆಗಳು, ಉತ್ತಮ.
★ ಕುಂಭ: ಅನಾರೋಗ್ಯ ಸಮಸ್ಯೆ, ಸಹೋದರರಿಂದ ಅನುಕೂಲ, ಅಧಿಕ ಖರ್ಚು.
★ ಮೀನ: ಪ್ರೀತಿ ಪ್ರೇಮ ವಿಷಯಗಳಲ್ಲಿ ಜಯ, ಮಕ್ಕಳಿಂದ ನೆಮ್ಮದಿ, ಉತ್ತಮ ಪ್ರಯಾಣ.
ಮೇಷ: ಅಧಿಕ ನಷ್ಟ ರಾಜಕೀಯ ವ್ಯಕ್ತಿಗಳಿಗೆ, ಶತ್ರು ದಮನ, ಕೋರ್ಟ್ ಕೇಸುಗಳಲ್ಲಿ ಜಯದ ಸೂಚನೆ.
